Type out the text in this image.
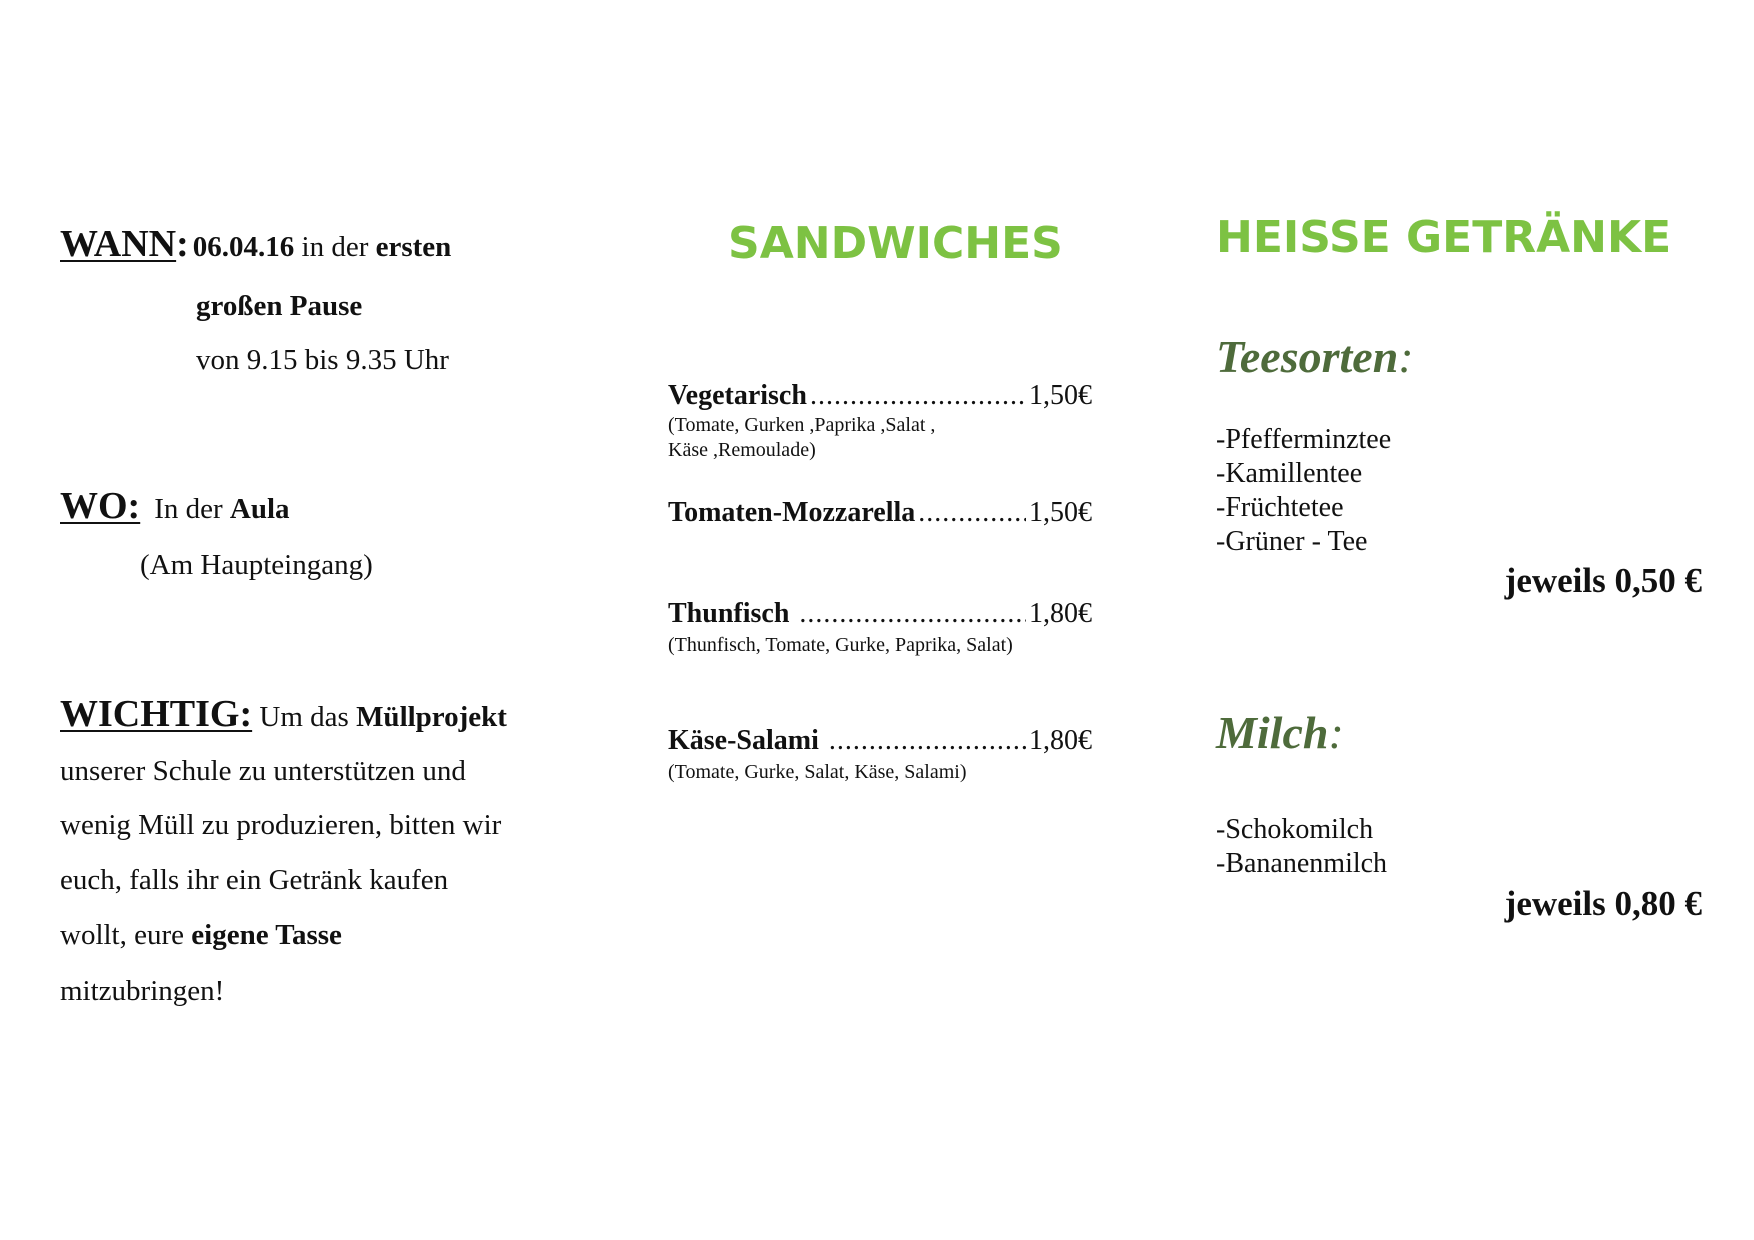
WANN: 06.04.16 in der ersten
großen Pause
von 9.15 bis 9.35 Uhr
WO: In der Aula
(Am Haupteingang)
WICHTIG: Um das Müllprojekt
unserer Schule zu unterstützen und
wenig Müll zu produzieren, bitten wir
euch, falls ihr ein Getränk kaufen
wollt, eure eigene Tasse
mitzubringen!
SANDWICHES
Vegetarisch .....	1,50€
(Tomate, Gurken ,Paprika ,Salat ,
Käse ,Remoulade)
Tomaten-Mozzarella .....	1,50€
Thunfisch .....	1,80€
(Thunfisch, Tomate, Gurke, Paprika, Salat)
Käse-Salami .....	1,80€
(Tomate, Gurke, Salat, Käse, Salami)
HEISSE GETRÄNKE
Teesorten:
-Pfefferminztee
-Kamillentee
-Früchtetee
-Grüner - Tee
jeweils 0,50 €
Milch:
-Schokomilch
-Bananenmilch
jeweils 0,80 €
